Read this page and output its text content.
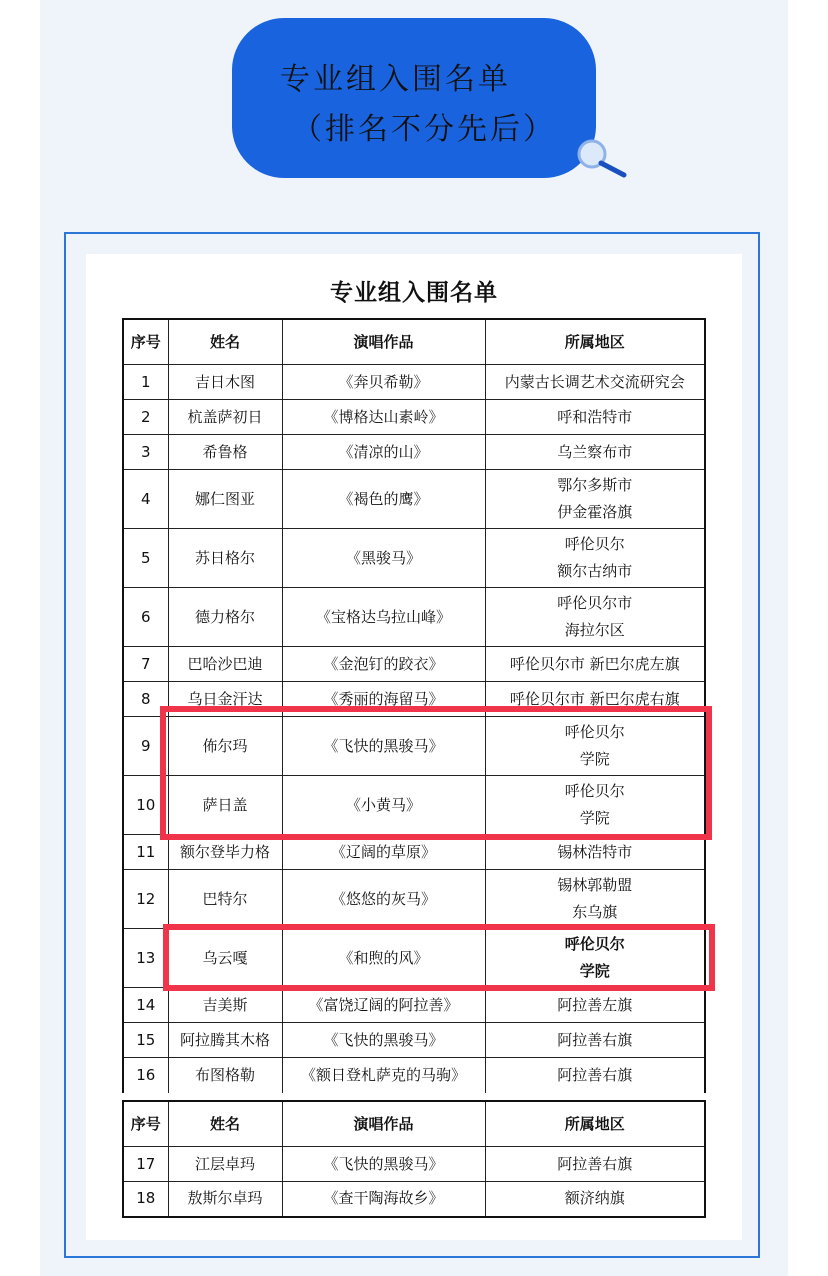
专业组入围名单
（排名不分先后）
专业组入围名单
序号	姓名	演唱作品	所属地区
1	吉日木图	《奔贝希勒》	内蒙古长调艺术交流研究会

2	杭盖萨初日	《博格达山素岭》	呼和浩特市

3	希鲁格	《清凉的山》	乌兰察布市

4	娜仁图亚	《褐色的鹰》	鄂尔多斯市
伊金霍洛旗

5	苏日格尔	《黑骏马》	呼伦贝尔
额尔古纳市

6	德力格尔	《宝格达乌拉山峰》	呼伦贝尔市
海拉尔区

7	巴哈沙巴迪	《金泡钉的跤衣》	呼伦贝尔市 新巴尔虎左旗

8	乌日金汗达	《秀丽的海留马》	呼伦贝尔市 新巴尔虎右旗

9	佈尔玛	《飞快的黑骏马》	呼伦贝尔
学院

10	萨日盖	《小黄马》	呼伦贝尔
学院

11	额尔登毕力格	《辽阔的草原》	锡林浩特市

12	巴特尔	《悠悠的灰马》	锡林郭勒盟
东乌旗

13	乌云嘎	《和煦的风》	呼伦贝尔
学院

14	吉美斯	《富饶辽阔的阿拉善》	阿拉善左旗

15	阿拉腾其木格	《飞快的黑骏马》	阿拉善右旗

16	布图格勒	《额日登札萨克的马驹》	阿拉善右旗
序号	姓名	演唱作品	所属地区
17	江层卓玛	《飞快的黑骏马》	阿拉善右旗

18	敖斯尔卓玛	《查干陶海故乡》	额济纳旗
